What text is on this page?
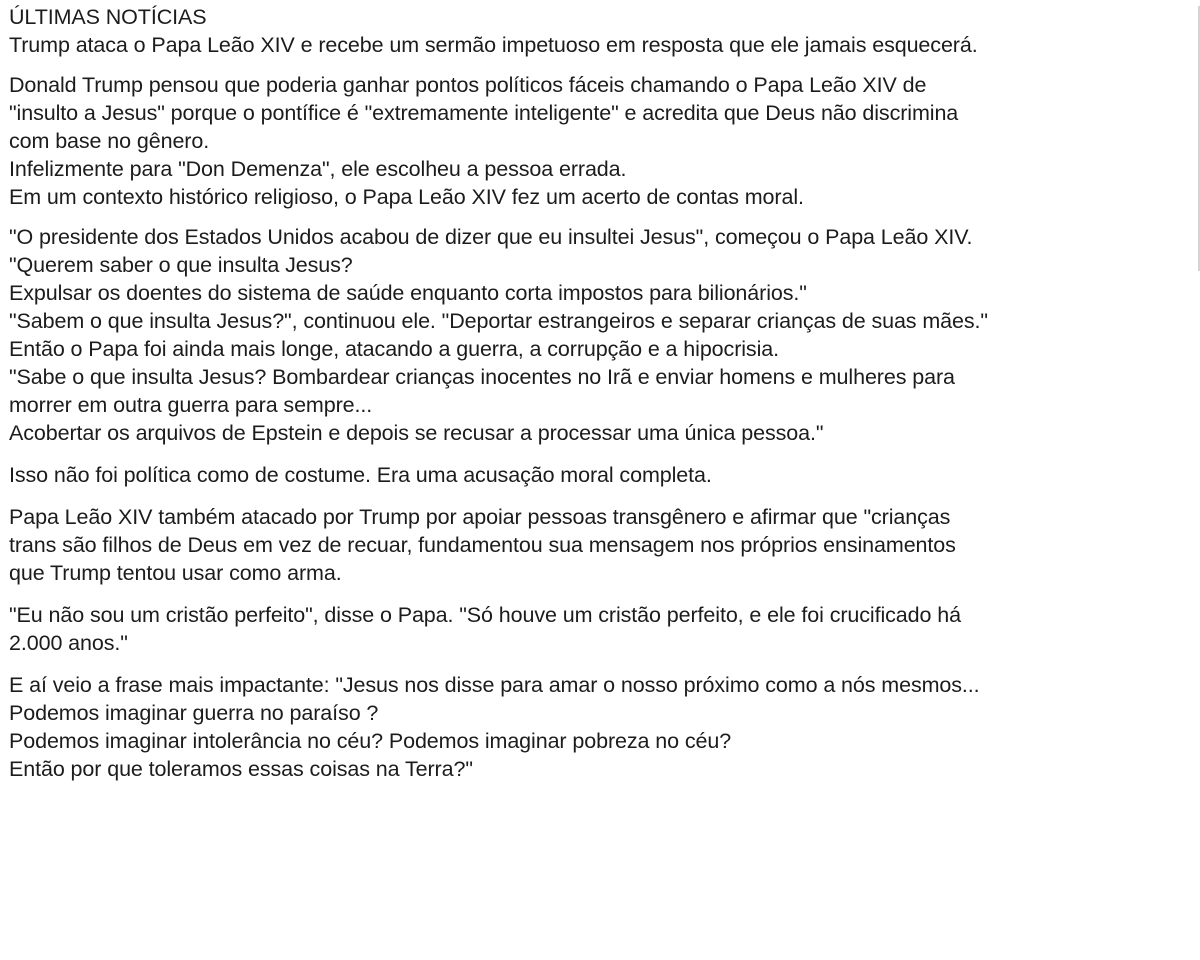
ÚLTIMAS NOTÍCIAS
Trump ataca o Papa Leão XIV e recebe um sermão impetuoso em resposta que ele jamais esquecerá.
Donald Trump pensou que poderia ganhar pontos políticos fáceis chamando o Papa Leão XIV de
"insulto a Jesus" porque o pontífice é "extremamente inteligente" e acredita que Deus não discrimina
com base no gênero.
Infelizmente para "Don Demenza", ele escolheu a pessoa errada.
Em um contexto histórico religioso, o Papa Leão XIV fez um acerto de contas moral.
"O presidente dos Estados Unidos acabou de dizer que eu insultei Jesus", começou o Papa Leão XIV.
"Querem saber o que insulta Jesus?
Expulsar os doentes do sistema de saúde enquanto corta impostos para bilionários."
"Sabem o que insulta Jesus?", continuou ele. "Deportar estrangeiros e separar crianças de suas mães."
Então o Papa foi ainda mais longe, atacando a guerra, a corrupção e a hipocrisia.
"Sabe o que insulta Jesus? Bombardear crianças inocentes no Irã e enviar homens e mulheres para
morrer em outra guerra para sempre...
Acobertar os arquivos de Epstein e depois se recusar a processar uma única pessoa."
Isso não foi política como de costume. Era uma acusação moral completa.
Papa Leão XIV também atacado por Trump por apoiar pessoas transgênero e afirmar que "crianças
trans são filhos de Deus em vez de recuar, fundamentou sua mensagem nos próprios ensinamentos
que Trump tentou usar como arma.
"Eu não sou um cristão perfeito", disse o Papa. "Só houve um cristão perfeito, e ele foi crucificado há
2.000 anos."
E aí veio a frase mais impactante: "Jesus nos disse para amar o nosso próximo como a nós mesmos...
Podemos imaginar guerra no paraíso ?
Podemos imaginar intolerância no céu? Podemos imaginar pobreza no céu?
Então por que toleramos essas coisas na Terra?"
